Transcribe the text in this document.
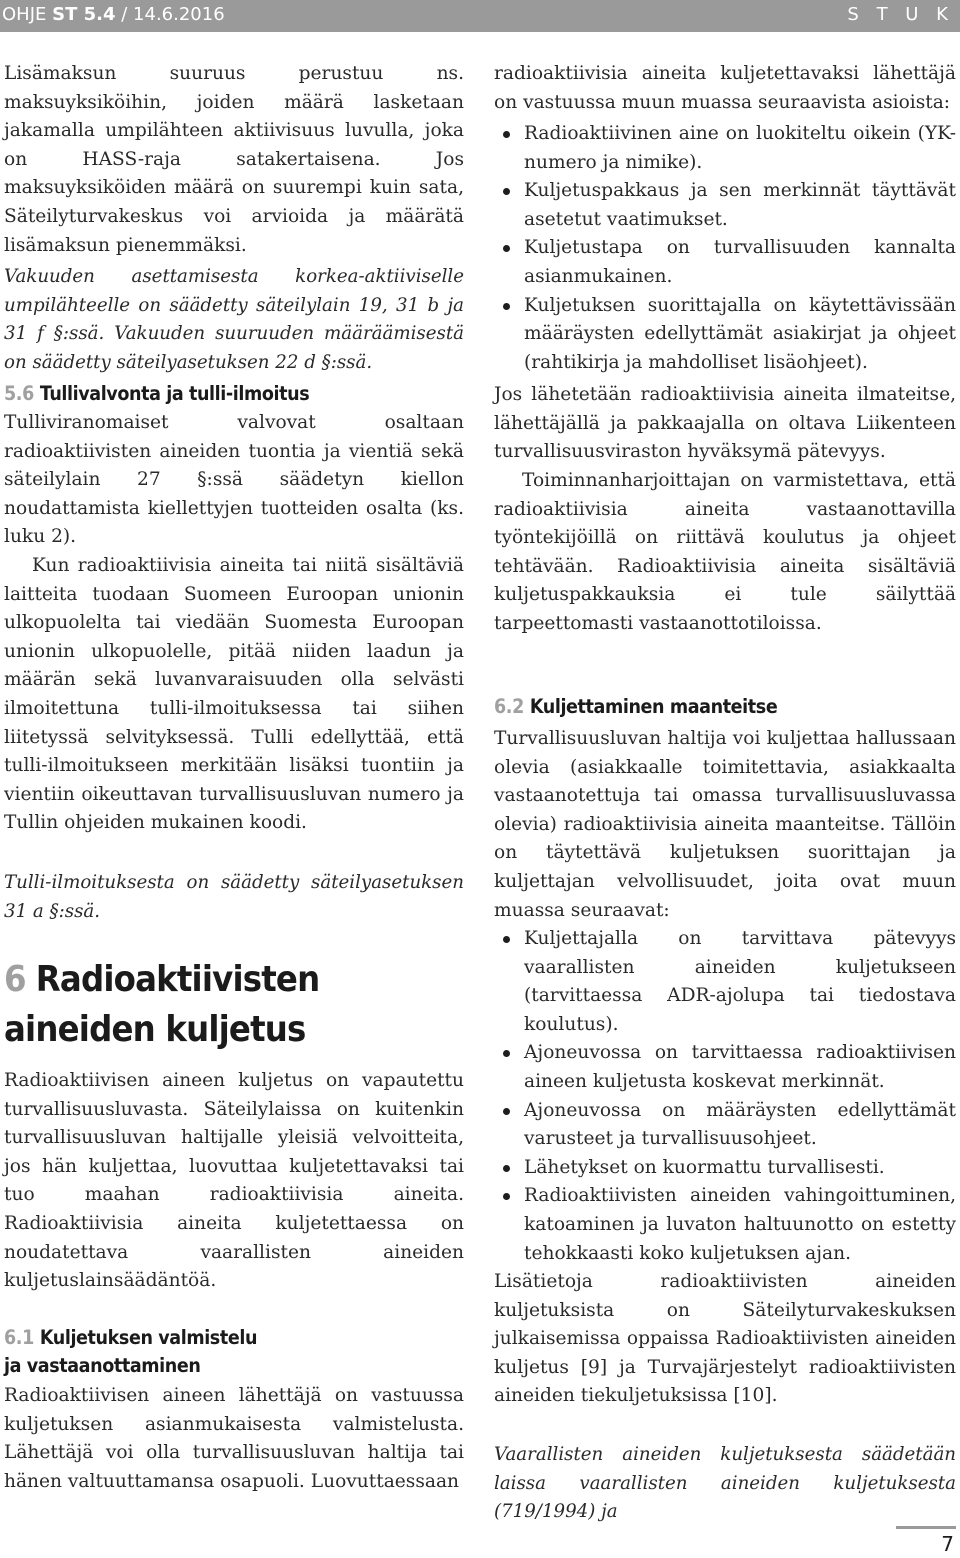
OHJE ST 5.4 / 14.6.2016	S T U K

Lisämaksun suuruus perustuu ns. maksuyksiköihin, joiden määrä lasketaan jakamalla umpilähteen aktiivisuus luvulla, joka on HASS-raja satakertaisena. Jos maksuyksiköiden määrä on suurempi kuin sata, Säteilyturvakeskus voi arvioida ja määrätä lisämaksun pienemmäksi.

Vakuuden asettamisesta korkea-aktiiviselle umpilähteelle on säädetty säteilylain 19, 31 b ja 31 f §:ssä. Vakuuden suuruuden määräämisestä on säädetty säteilyasetuksen 22 d §:ssä.

5.6 Tullivalvonta ja tulli-ilmoitus

Tulliviranomaiset valvovat osaltaan radioaktiivisten aineiden tuontia ja vientiä sekä säteilylain 27 §:ssä säädetyn kiellon noudattamista kiellettyjen tuotteiden osalta (ks. luku 2).

Kun radioaktiivisia aineita tai niitä sisältäviä laitteita tuodaan Suomeen Euroopan unionin ulkopuolelta tai viedään Suomesta Euroopan unionin ulkopuolelle, pitää niiden laadun ja määrän sekä luvanvaraisuuden olla selvästi ilmoitettuna tulli-ilmoituksessa tai siihen liitetyssä selvityksessä. Tulli edellyttää, että tulli-ilmoitukseen merkitään lisäksi tuontiin ja vientiin oikeuttavan turvallisuusluvan numero ja Tullin ohjeiden mukainen koodi.

Tulli-ilmoituksesta on säädetty säteilyasetuksen 31 a §:ssä.

6 Radioaktiivisten

aineiden kuljetus

Radioaktiivisen aineen kuljetus on vapautettu turvallisuusluvasta. Säteilylaissa on kuitenkin turvallisuusluvan haltijalle yleisiä velvoitteita, jos hän kuljettaa, luovuttaa kuljetettavaksi tai tuo maahan radioaktiivisia aineita. Radioaktiivisia aineita kuljetettaessa on noudatettava vaarallisten aineiden kuljetuslainsäädäntöä.

6.1 Kuljetuksen valmistelu

ja vastaanottaminen

Radioaktiivisen aineen lähettäjä on vastuussa kuljetuksen asianmukaisesta valmistelusta. Lähettäjä voi olla turvallisuusluvan haltija tai hänen valtuuttamansa osapuoli. Luovuttaessaan

radioaktiivisia aineita kuljetettavaksi lähettäjä on vastuussa muun muassa seuraavista asioista:

Radioaktiivinen aine on luokiteltu oikein (YK-numero ja nimike).
Kuljetuspakkaus ja sen merkinnät täyttävät asetetut vaatimukset.
Kuljetustapa on turvallisuuden kannalta asianmukainen.
Kuljetuksen suorittajalla on käytettävissään määräysten edellyttämät asiakirjat ja ohjeet (rahtikirja ja mahdolliset lisäohjeet).

Jos lähetetään radioaktiivisia aineita ilmateitse, lähettäjällä ja pakkaajalla on oltava Liikenteen turvallisuusviraston hyväksymä pätevyys.

Toiminnanharjoittajan on varmistettava, että radioaktiivisia aineita vastaanottavilla työntekijöillä on riittävä koulutus ja ohjeet tehtävään. Radioaktiivisia aineita sisältäviä kuljetuspakkauksia ei tule säilyttää tarpeettomasti vastaanottotiloissa.

6.2 Kuljettaminen maanteitse

Turvallisuusluvan haltija voi kuljettaa hallussaan olevia (asiakkaalle toimitettavia, asiakkaalta vastaanotettuja tai omassa turvallisuusluvassa olevia) radioaktiivisia aineita maanteitse. Tällöin on täytettävä kuljetuksen suorittajan ja kuljettajan velvollisuudet, joita ovat muun muassa seuraavat:

Kuljettajalla on tarvittava pätevyys vaarallisten aineiden kuljetukseen (tarvittaessa ADR-ajolupa tai tiedostava koulutus).
Ajoneuvossa on tarvittaessa radioaktiivisen aineen kuljetusta koskevat merkinnät.
Ajoneuvossa on määräysten edellyttämät varusteet ja turvallisuusohjeet.
Lähetykset on kuormattu turvallisesti.
Radioaktiivisten aineiden vahingoittuminen, katoaminen ja luvaton haltuunotto on estetty tehokkaasti koko kuljetuksen ajan.

Lisätietoja radioaktiivisten aineiden kuljetuksista on Säteilyturvakeskuksen julkaisemissa oppaissa Radioaktiivisten aineiden kuljetus [9] ja Turvajärjestelyt radioaktiivisten aineiden tiekuljetuksissa [10].

Vaarallisten aineiden kuljetuksesta säädetään laissa vaarallisten aineiden kuljetuksesta (719/1994) ja

7
